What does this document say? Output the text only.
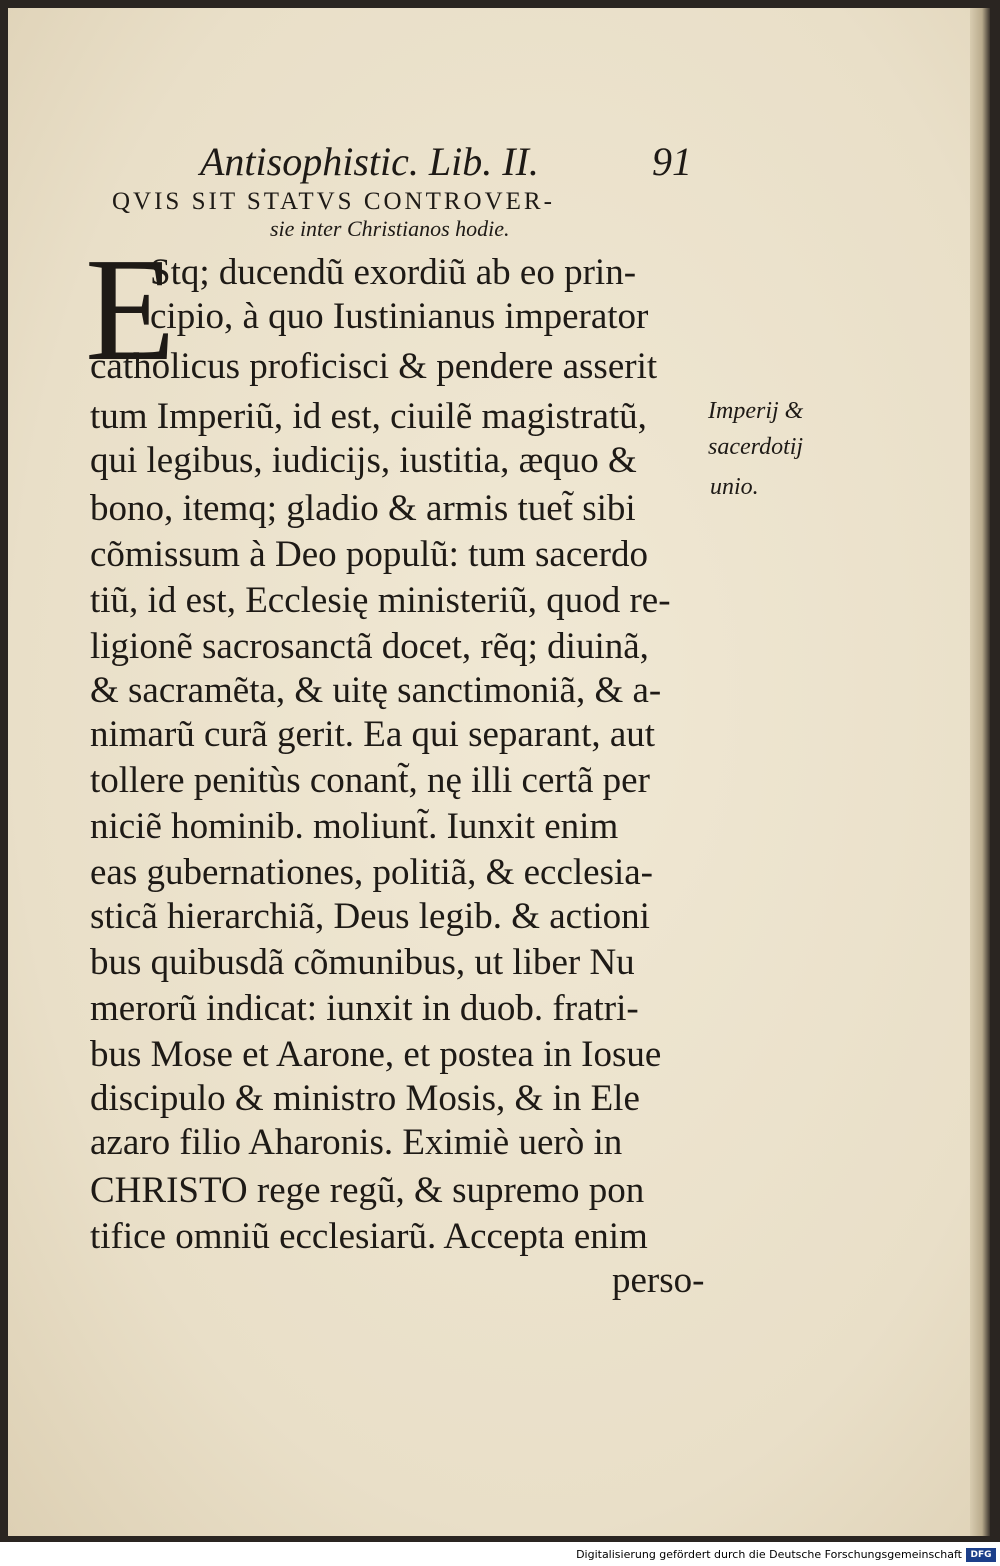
Antisophistic. Lib. II.	91
QVIS SIT STATVS CONTROVER-
sie inter Christianos hodie.
E
Stq; ducendũ exordiũ ab eo prin-
cipio, à quo Iustinianus imperator
catholicus proficisci & pendere asserit
tum Imperiũ, id est, ciuilẽ magistratũ,
qui legibus, iudicijs, iustitia, æquo &
bono, itemq; gladio & armis tuet̃ sibi
cõmissum à Deo populũ: tum sacerdo
tiũ, id est, Ecclesię ministeriũ, quod re-
ligionẽ sacrosanctã docet, rẽq; diuinã,
& sacramẽta, & uitę sanctimoniã, & a-
nimarũ curã gerit. Ea qui separant, aut
tollere penitùs conant̃, nę illi certã per
niciẽ hominib. moliunt̃. Iunxit enim
eas gubernationes, politiã, & ecclesia-
sticã hierarchiã, Deus legib. & actioni
bus quibusdã cõmunibus, ut liber Nu
merorũ indicat: iunxit in duob. fratri-
bus Mose et Aarone, et postea in Iosue
discipulo & ministro Mosis, & in Ele
azaro filio Aharonis. Eximiè uerò in
CHRISTO rege regũ, & supremo pon
tifice omniũ ecclesiarũ. Accepta enim
perso-
Imperij &
sacerdotij
unio.
Digitalisierung gefördert durch die Deutsche Forschungsgemeinschaft DFG
